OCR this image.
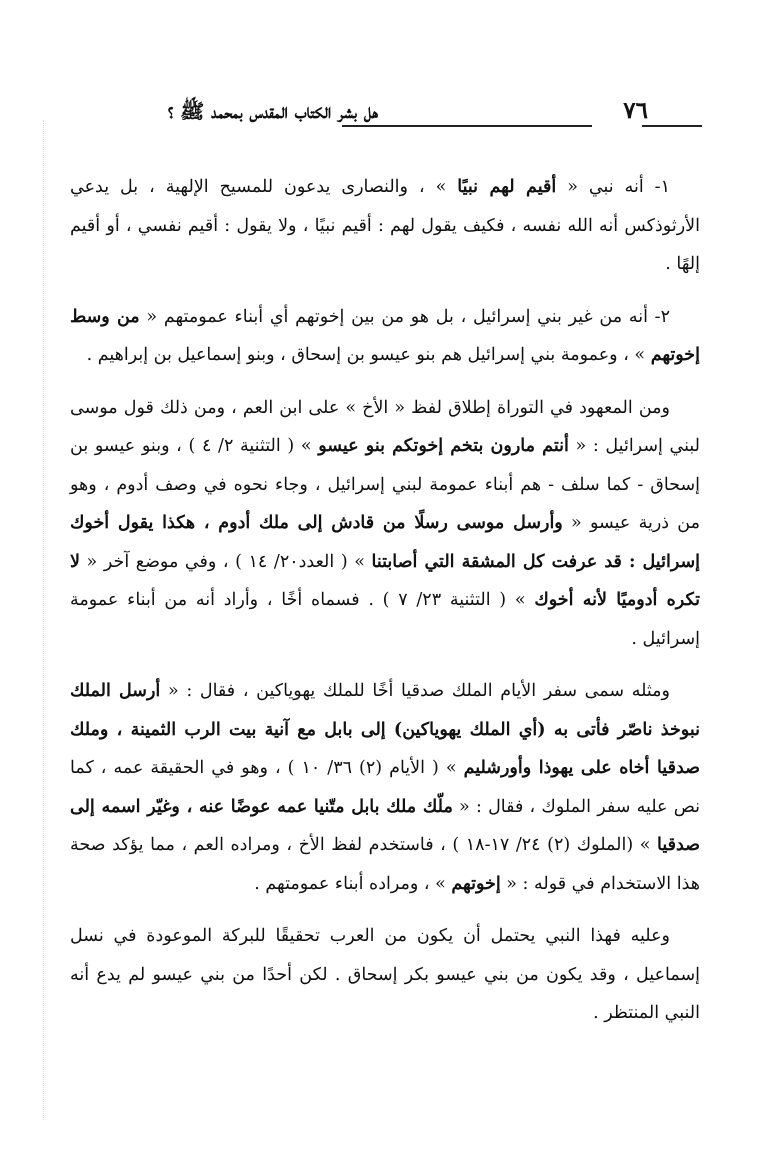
٧٦
هل بشر الكتاب المقدس بمحمد ﷺ ؟

١- أنه نبي « أقيم لهم نبيًا » ، والنصارى يدعون للمسيح الإلهية ، بل يدعي الأرثوذكس أنه الله نفسه ، فكيف يقول لهم : أقيم نبيًا ، ولا يقول : أقيم نفسي ، أو أقيم إلهًا .

٢- أنه من غير بني إسرائيل ، بل هو من بين إخوتهم أي أبناء عمومتهم « من وسط إخوتهم » ، وعمومة بني إسرائيل هم بنو عيسو بن إسحاق ، وبنو إسماعيل بن إبراهيم .

ومن المعهود في التوراة إطلاق لفظ « الأخ » على ابن العم ، ومن ذلك قول موسى لبني إسرائيل : « أنتم مارون بتخم إخوتكم بنو عيسو » ( التثنية ٢/ ٤ ) ، وبنو عيسو بن إسحاق - كما سلف - هم أبناء عمومة لبني إسرائيل ، وجاء نحوه في وصف أدوم ، وهو من ذرية عيسو « وأرسل موسى رسلًا من قادش إلى ملك أدوم ، هكذا يقول أخوك إسرائيل : قد عرفت كل المشقة التي أصابتنا » ( العدد٢٠/ ١٤ ) ، وفي موضع آخر « لا تكره أدوميًا لأنه أخوك » ( التثنية ٢٣/ ٧ ) . فسماه أخًا ، وأراد أنه من أبناء عمومة إسرائيل .

ومثله سمى سفر الأيام الملك صدقيا أخًا للملك يهوياكين ، فقال : « أرسل الملك نبوخذ ناصّر فأتى به (أي الملك يهوياكين) إلى بابل مع آنية بيت الرب الثمينة ، وملك صدقيا أخاه على يهوذا وأورشليم » ( الأيام (٢) ٣٦/ ١٠ ) ، وهو في الحقيقة عمه ، كما نص عليه سفر الملوك ، فقال : « ملّك ملك بابل متّنيا عمه عوضًا عنه ، وغيّر اسمه إلى صدقيا » (الملوك (٢) ٢٤/ ١٧-١٨ ) ، فاستخدم لفظ الأخ ، ومراده العم ، مما يؤكد صحة هذا الاستخدام في قوله : « إخوتهم » ، ومراده أبناء عمومتهم .

وعليه فهذا النبي يحتمل أن يكون من العرب تحقيقًا للبركة الموعودة في نسل إسماعيل ، وقد يكون من بني عيسو بكر إسحاق . لكن أحدًا من بني عيسو لم يدع أنه النبي المنتظر .
